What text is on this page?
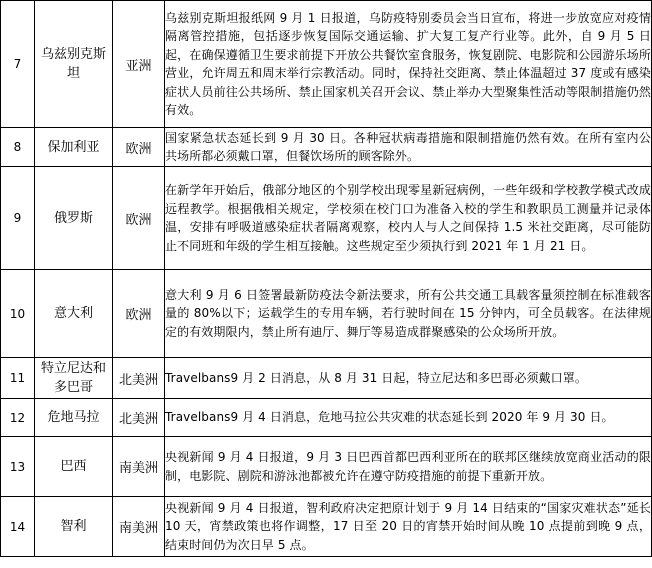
7	乌兹别克斯坦	亚洲	乌兹别克斯坦报纸网 9 月 1 日报道，乌防疫特别委员会当日宣布，将进一步放宽应对疫情隔离管控措施，包括逐步恢复国际交通运输、扩大复工复产行业等。此外，自 9 月 5 日起，在确保遵循卫生要求前提下开放公共餐饮室食服务，恢复剧院、电影院和公园游乐场所营业，允许周五和周末举行宗教活动。同时，保持社交距离、禁止体温超过 37 度或有感染症状人员前往公共场所、禁止国家机关召开会议、禁止举办大型聚集性活动等限制措施仍然有效。
8	保加利亚	欧洲	国家紧急状态延长到 9 月 30 日。各种冠状病毒措施和限制措施仍然有效。在所有室内公共场所都必须戴口罩，但餐饮场所的顾客除外。
9	俄罗斯	欧洲	在新学年开始后，俄部分地区的个别学校出现零星新冠病例，一些年级和学校教学模式改成远程教学。根据俄相关规定，学校须在校门口为准备入校的学生和教职员工测量并记录体温，安排有呼吸道感染症状者隔离观察，校内人与人之间保持 1.5 米社交距离，尽可能防止不同班和年级的学生相互接触。这些规定至少须执行到 2021 年 1 月 21 日。
10	意大利	欧洲	意大利 9 月 6 日签署最新防疫法令新法要求，所有公共交通工具载客量须控制在标准载客量的 80%以下；运载学生的专用车辆，若行驶时间在 15 分钟内，可全员载客。在法律规定的有效期限内，禁止所有迪厅、舞厅等易造成群聚感染的公众场所开放。
11	特立尼达和多巴哥	北美洲	Travelbans9 月 2 日消息，从 8 月 31 日起，特立尼达和多巴哥必须戴口罩。
12	危地马拉	北美洲	Travelbans9 月 4 日消息，危地马拉公共灾难的状态延长到 2020 年 9 月 30 日。
13	巴西	南美洲	央视新闻 9 月 4 日报道，9 月 3 日巴西首都巴西利亚所在的联邦区继续放宽商业活动的限制，电影院、剧院和游泳池都被允许在遵守防疫措施的前提下重新开放。
14	智利	南美洲	央视新闻 9 月 4 日报道，智利政府决定把原计划于 9 月 14 日结束的“国家灾难状态”延长 10 天，宵禁政策也将作调整，17 日至 20 日的宵禁开始时间从晚 10 点提前到晚 9 点，结束时间仍为次日早 5 点。
